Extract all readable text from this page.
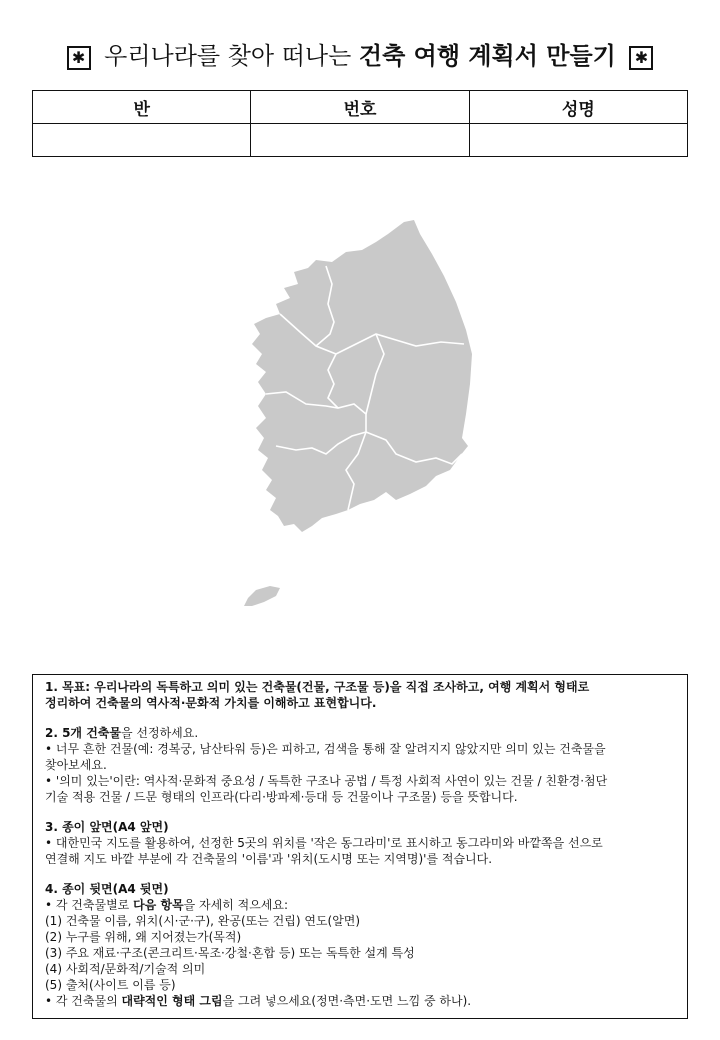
✱ 우리나라를 찾아 떠나는 건축 여행 계획서 만들기 ✱
반	번호	성명

1. 목표: 우리나라의 독특하고 의미 있는 건축물(건물, 구조물 등)을 직접 조사하고, 여행 계획서 형태로

정리하여 건축물의 역사적·문화적 가치를 이해하고 표현합니다.

2. 5개 건축물을 선정하세요.

• 너무 흔한 건물(예: 경복궁, 남산타워 등)은 피하고, 검색을 통해 잘 알려지지 않았지만 의미 있는 건축물을

찾아보세요.

• '의미 있는'이란: 역사적·문화적 중요성 / 독특한 구조나 공법 / 특정 사회적 사연이 있는 건물 / 친환경·첨단

기술 적용 건물 / 드문 형태의 인프라(다리·방파제·등대 등 건물이나 구조물) 등을 뜻합니다.

3. 종이 앞면(A4 앞면)

• 대한민국 지도를 활용하여, 선정한 5곳의 위치를 '작은 동그라미'로 표시하고 동그라미와 바깥쪽을 선으로

연결해 지도 바깥 부분에 각 건축물의 '이름'과 '위치(도시명 또는 지역명)'를 적습니다.

4. 종이 뒷면(A4 뒷면)

• 각 건축물별로 다음 항목을 자세히 적으세요:

(1) 건축물 이름, 위치(시·군·구), 완공(또는 건립) 연도(알면)

(2) 누구를 위해, 왜 지어졌는가(목적)

(3) 주요 재료·구조(콘크리트·목조·강철·혼합 등) 또는 독특한 설계 특성

(4) 사회적/문화적/기술적 의미

(5) 출처(사이트 이름 등)

• 각 건축물의 대략적인 형태 그림을 그려 넣으세요(정면·측면·도면 느낌 중 하나).
